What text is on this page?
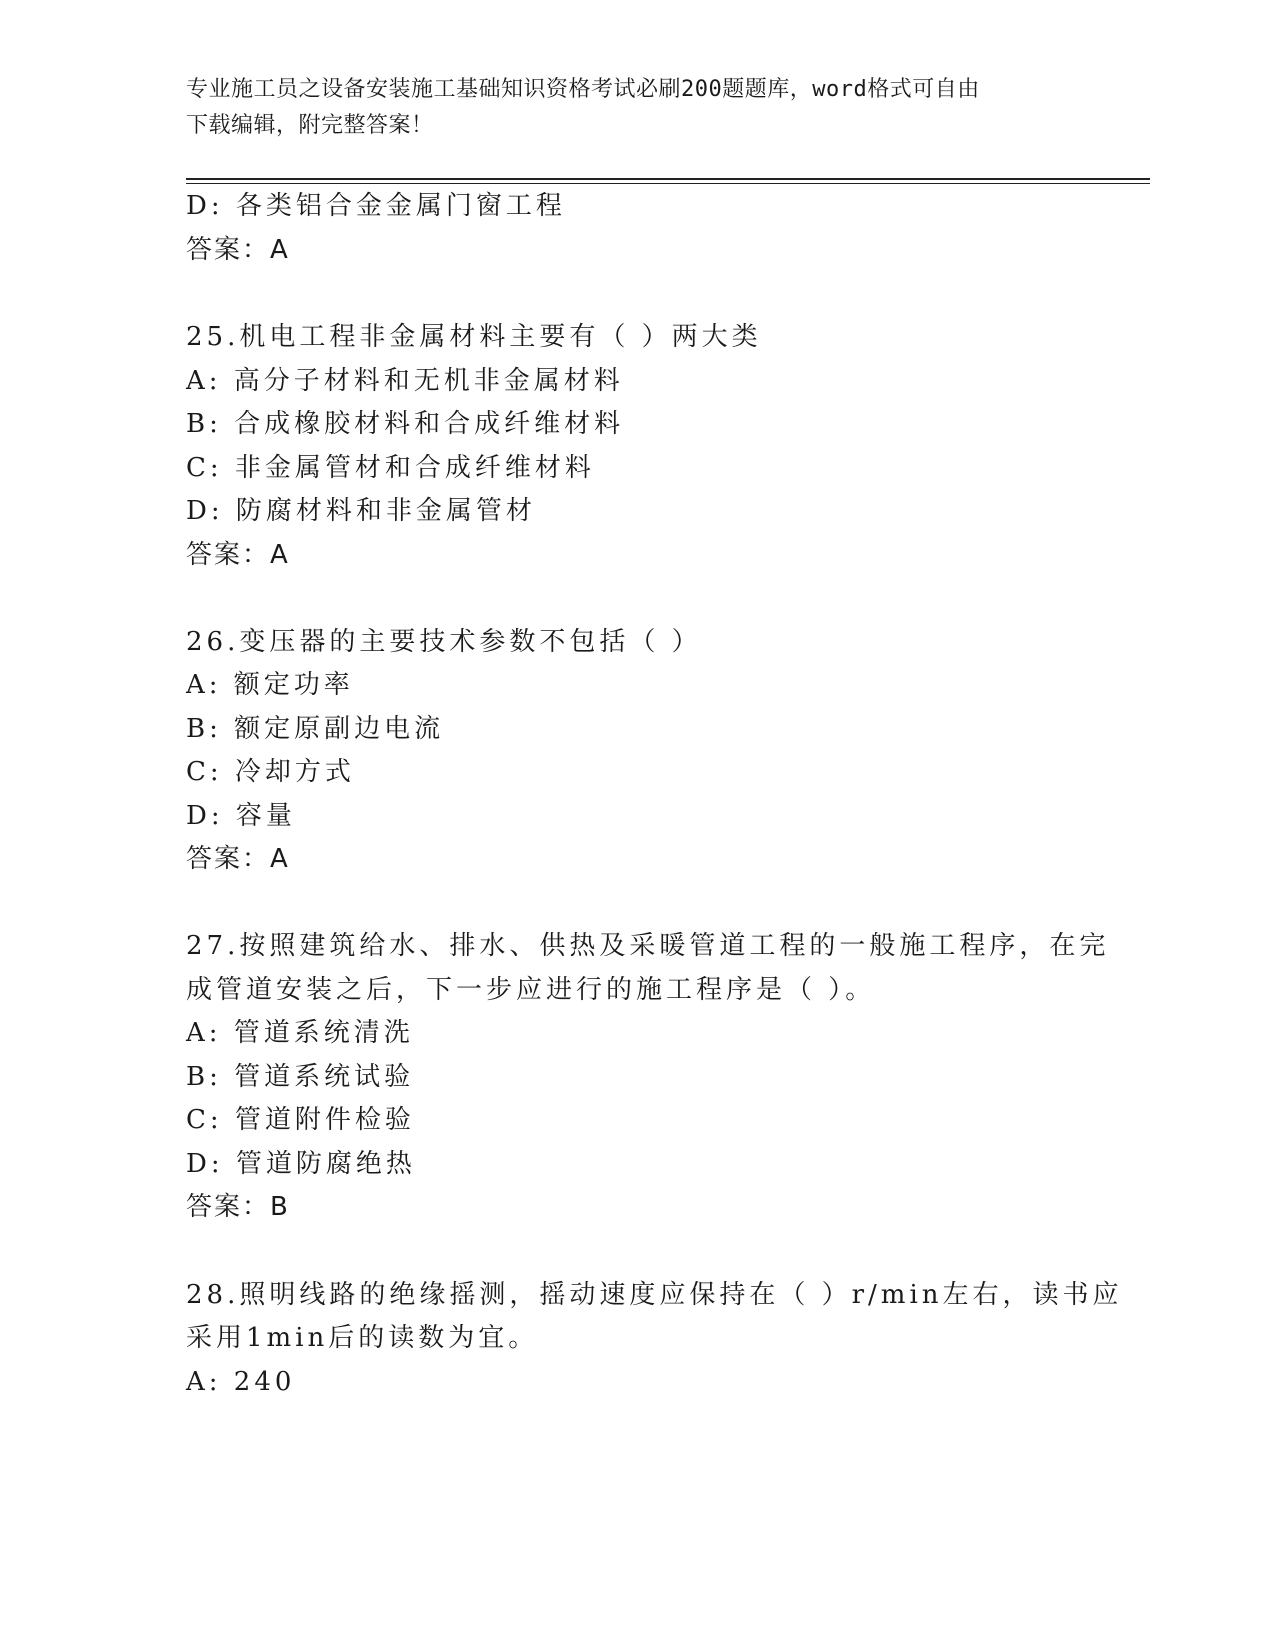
专业施工员之设备安装施工基础知识资格考试必刷200题题库，word格式可自由
下载编辑，附完整答案！
D: 各类铝合金金属门窗工程
答案：A
25.机电工程非金属材料主要有（ ）两大类
A: 高分子材料和无机非金属材料
B: 合成橡胶材料和合成纤维材料
C: 非金属管材和合成纤维材料
D: 防腐材料和非金属管材
答案：A
26.变压器的主要技术参数不包括（ ）
A: 额定功率
B: 额定原副边电流
C: 冷却方式
D: 容量
答案：A
27.按照建筑给水、排水、供热及采暖管道工程的一般施工程序，在完
成管道安装之后，下一步应进行的施工程序是（ ）。
A: 管道系统清洗
B: 管道系统试验
C: 管道附件检验
D: 管道防腐绝热
答案：B
28.照明线路的绝缘摇测，摇动速度应保持在（ ）r/min左右，读书应
采用1min后的读数为宜。
A: 240
